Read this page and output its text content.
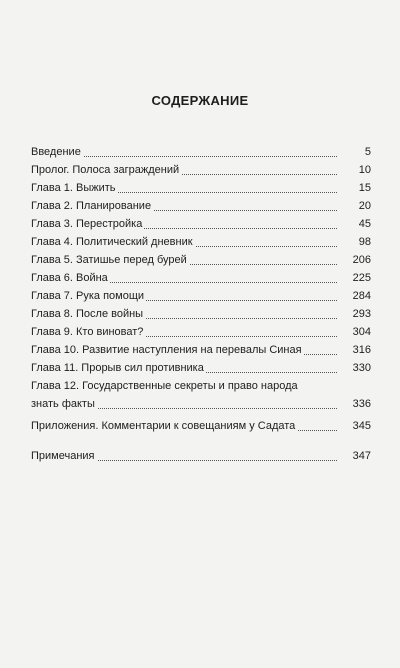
СОДЕРЖАНИЕ
Введение	5
Пролог. Полоса заграждений	10
Глава 1. Выжить	15
Глава 2. Планирование	20
Глава 3. Перестройка	45
Глава 4. Политический дневник	98
Глава 5. Затишье перед бурей	206
Глава 6. Война	225
Глава 7. Рука помощи	284
Глава 8. После войны	293
Глава 9. Кто виноват?	304
Глава 10. Развитие наступления на перевалы Синая	316
Глава 11. Прорыв сил противника	330
Глава 12. Государственные секреты и право народа
знать факты	336
Приложения. Комментарии к совещаниям у Садата	345
Примечания	347
